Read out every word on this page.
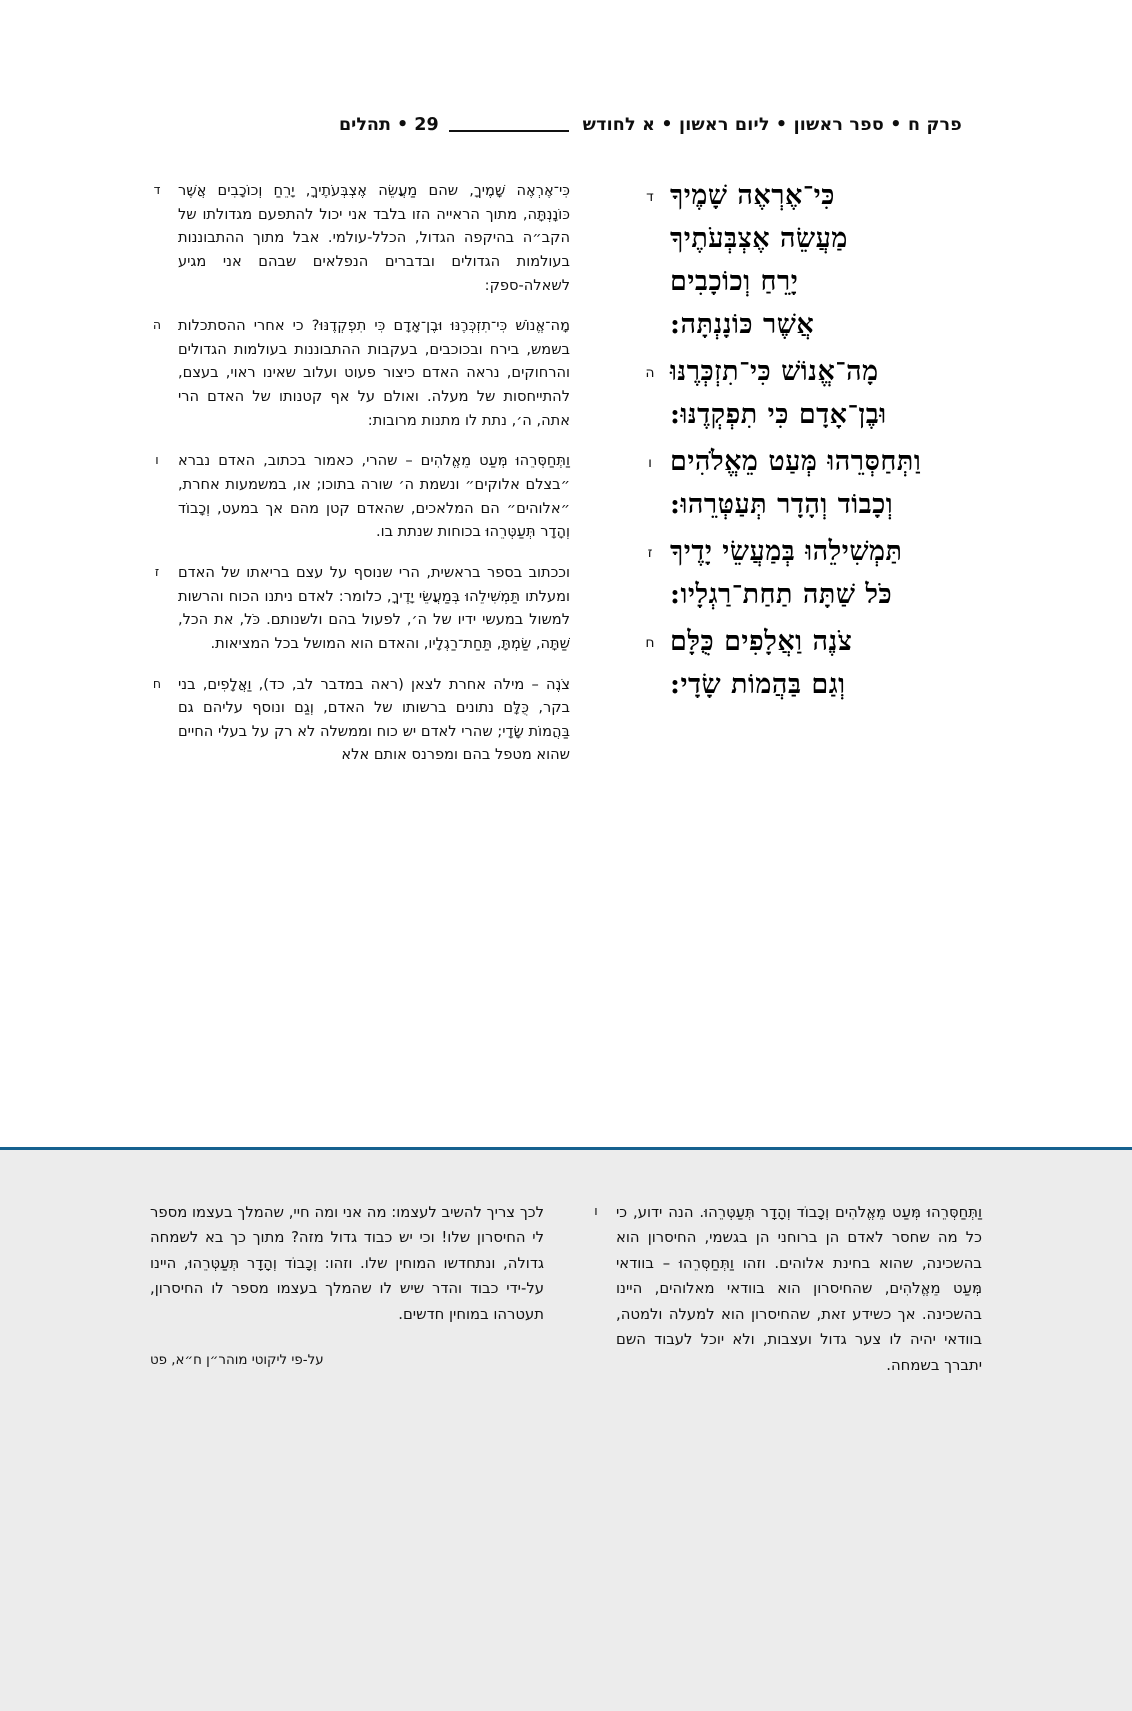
פרק ח • ספר ראשון • ליום ראשון • א לחודש
29 • תהלים
כִּי־אֶרְאֶה שָׁמֶיךָ
ד
מַעֲשֵׂה אֶצְבְּעֹתֶיךָ
יָרֵחַ וְכוֹכָבִים
אֲשֶׁר כּוֹנָנְתָּה:
מָה־אֱנוֹשׁ כִּי־תִזְכְּרֶנּוּ
ה
וּבֶן־אָדָם כִּי תִפְקְדֶנּוּ:
וַתְּחַסְּרֵהוּ מְּעַט מֵאֱלֹהִים
ו
וְכָבוֹד וְהָדָר תְּעַטְּרֵהוּ:
תַּמְשִׁילֵהוּ בְּמַעֲשֵׂי יָדֶיךָ
ז
כֹּל שַׁתָּה תַחַת־רַגְלָיו:
צֹנֶה וַאֲלָפִים כֻּלָּם
ח
וְגַם בַּהֲמוֹת שָׂדָי:
כִּי־אֶרְאֶה שָׁמֶיךָ, שהם מַעֲשֵׂה אֶצְבְּעֹתֶיךָ, יָרֵחַ וְכוֹכָבִים אֲשֶׁר כּוֹנָנְתָּה, מתוך הראייה הזו בלבד אני יכול להתפעם מגדולתו של הקב״ה בהיקפה הגדול, הכלל-עולמי. אבל מתוך ההתבוננות בעולמות הגדולים ובדברים הנפלאים שבהם אני מגיע לשאלה-ספק:
ד
מָה־אֱנוֹשׁ כִּי־תִזְכְּרֶנּוּ וּבֶן־אָדָם כִּי תִפְקְדֶנּוּ? כי אחרי ההסתכלות בשמש, בירח ובכוכבים, בעקבות ההתבוננות בעולמות הגדולים והרחוקים, נראה האדם כיצור פעוט ועלוב שאינו ראוי, בעצם, להתייחסות של מעלה. ואולם על אף קטנותו של האדם הרי אתה, ה׳, נתת לו מתנות מרובות:
ה
וַתְּחַסְּרֵהוּ מְּעַט מֵאֱלֹהִים – שהרי, כאמור בכתוב, האדם נברא ״בצלם אלוקים״ ונשמת ה׳ שורה בתוכו; או, במשמעות אחרת, ״אלוהים״ הם המלאכים, שהאדם קטן מהם אך במעט, וְכָבוֹד וְהָדָר תְּעַטְּרֵהוּ בכוחות שנתת בו.
ו
וככתוב בספר בראשית, הרי שנוסף על עצם בריאתו של האדם ומעלתו תַּמְשִׁילֵהוּ בְּמַעֲשֵׂי יָדֶיךָ, כלומר: לאדם ניתנו הכוח והרשות למשול במעשי ידיו של ה׳, לפעול בהם ולשנותם. כֹּל, את הכל, שַׁתָּה, שַׂמְתָּ, תַּחַת־רַגְלָיו, והאדם הוא המושל בכל המציאות.
ז
צֹנֶה – מילה אחרת לצאן (ראה במדבר לב, כד), וַאֲלָפִים, בני בקר, כֻּלָּם נתונים ברשותו של האדם, וְגַם ונוסף עליהם גם בַּהֲמוֹת שָׂדָי; שהרי לאדם יש כוח וממשלה לא רק על בעלי החיים שהוא מטפל בהם ומפרנס אותם אלא
ח
וַתְּחַסְּרֵהוּ מְּעַט מֵאֱלֹהִים וְכָבוֹד וְהָדָר תְּעַטְּרֵהוּ. הנה ידוע, כי כל מה שחסר לאדם הן ברוחני הן בגשמי, החיסרון הוא בהשכינה, שהוא בחינת אלוהים. וזהו וַתְּחַסְּרֵהוּ – בוודאי מְּעַט מֵאֱלֹהִים, שהחיסרון הוא בוודאי מאלוהים, היינו בהשכינה. אך כשידע זאת, שהחיסרון הוא למעלה ולמטה, בוודאי יהיה לו צער גדול ועצבות, ולא יוכל לעבוד השם יתברך בשמחה.
ו
לכך צריך להשיב לעצמו: מה אני ומה חיי, שהמלך בעצמו מספר לי החיסרון שלו! וכי יש כבוד גדול מזה? מתוך כך בא לשמחה גדולה, ונתחדשו המוחין שלו. וזהו: וְכָבוֹד וְהָדָר תְּעַטְּרֵהוּ, היינו על-ידי כבוד והדר שיש לו שהמלך בעצמו מספר לו החיסרון, תעטרהו במוחין חדשים.
על-פי ליקוטי מוהר״ן ח״א, פט
